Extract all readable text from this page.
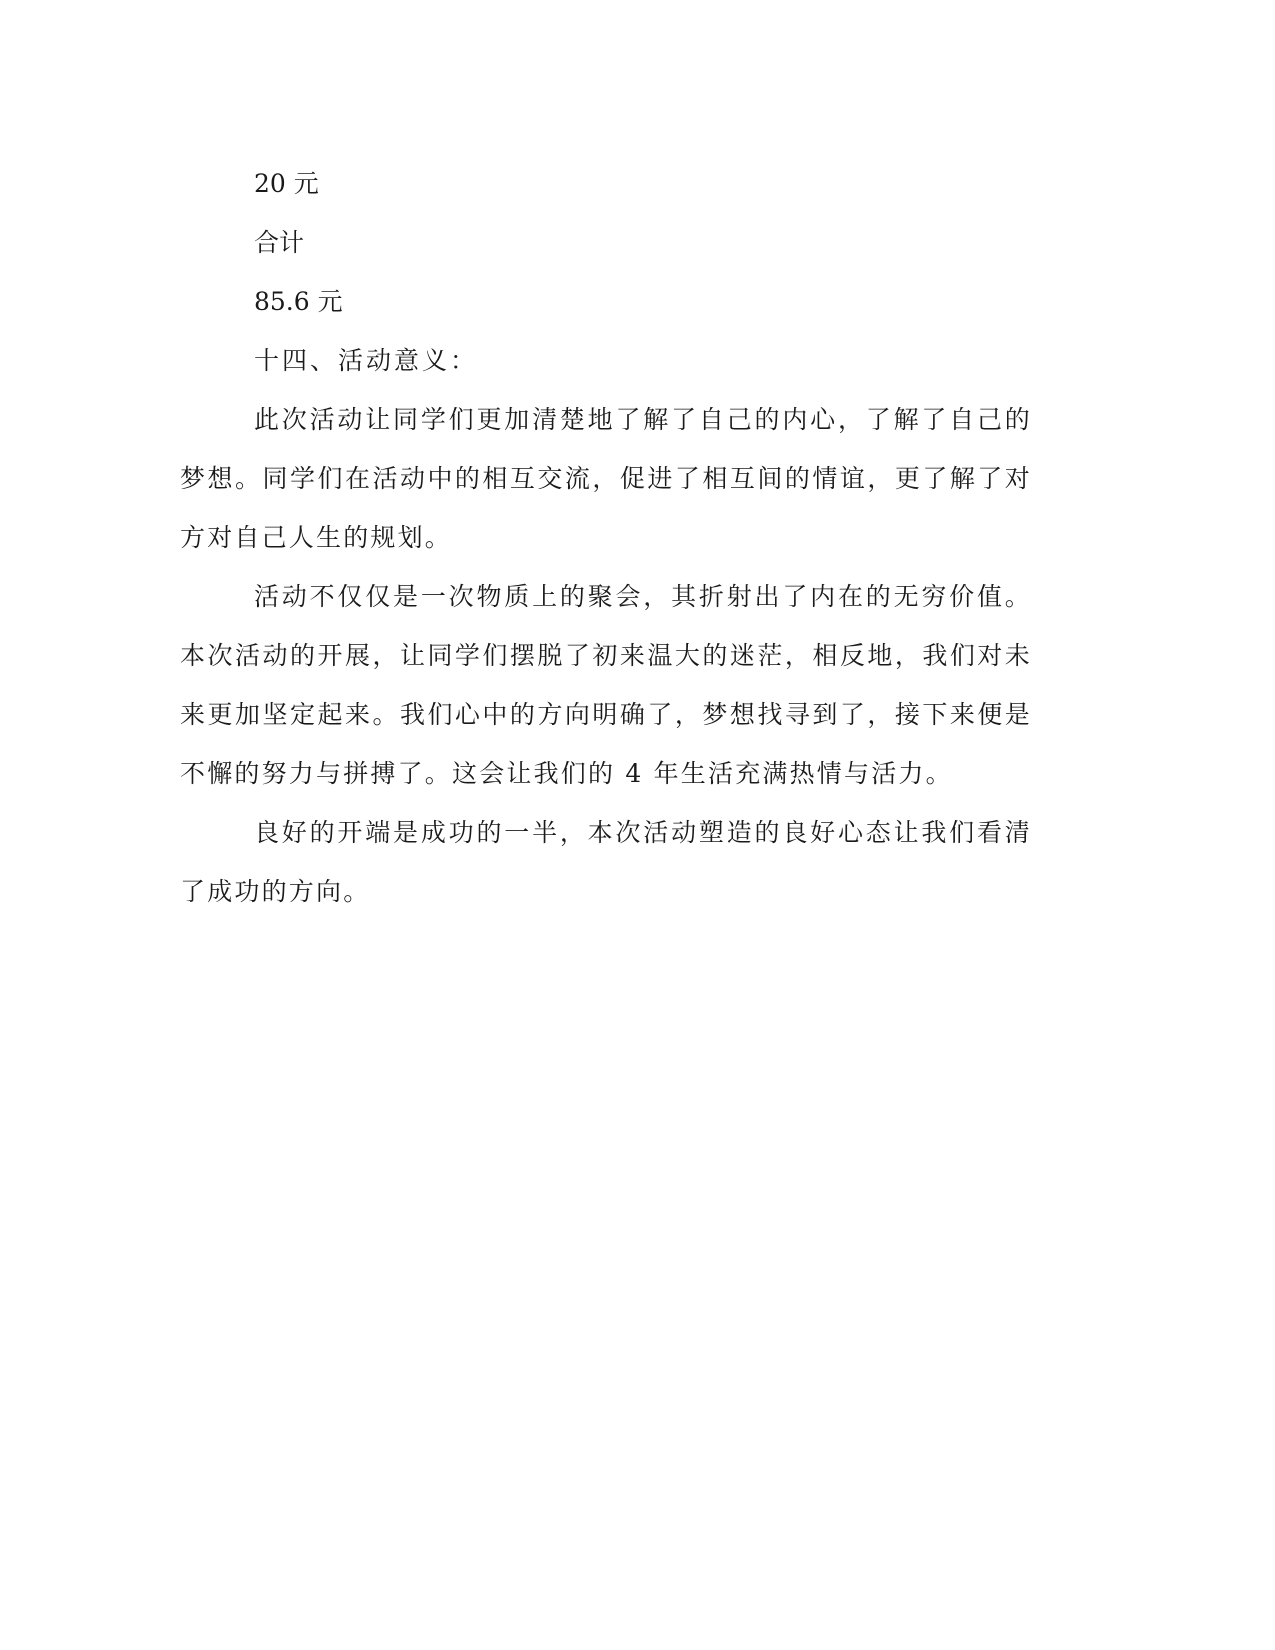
20 元

合计

85.6 元

十四、活动意义：

此次活动让同学们更加清楚地了解了自己的内心，了解了自己的梦想。同学们在活动中的相互交流，促进了相互间的情谊，更了解了对方对自己人生的规划。

活动不仅仅是一次物质上的聚会，其折射出了内在的无穷价值。本次活动的开展，让同学们摆脱了初来温大的迷茫，相反地，我们对未来更加坚定起来。我们心中的方向明确了，梦想找寻到了，接下来便是不懈的努力与拼搏了。这会让我们的 4 年生活充满热情与活力。

良好的开端是成功的一半，本次活动塑造的良好心态让我们看清了成功的方向。
